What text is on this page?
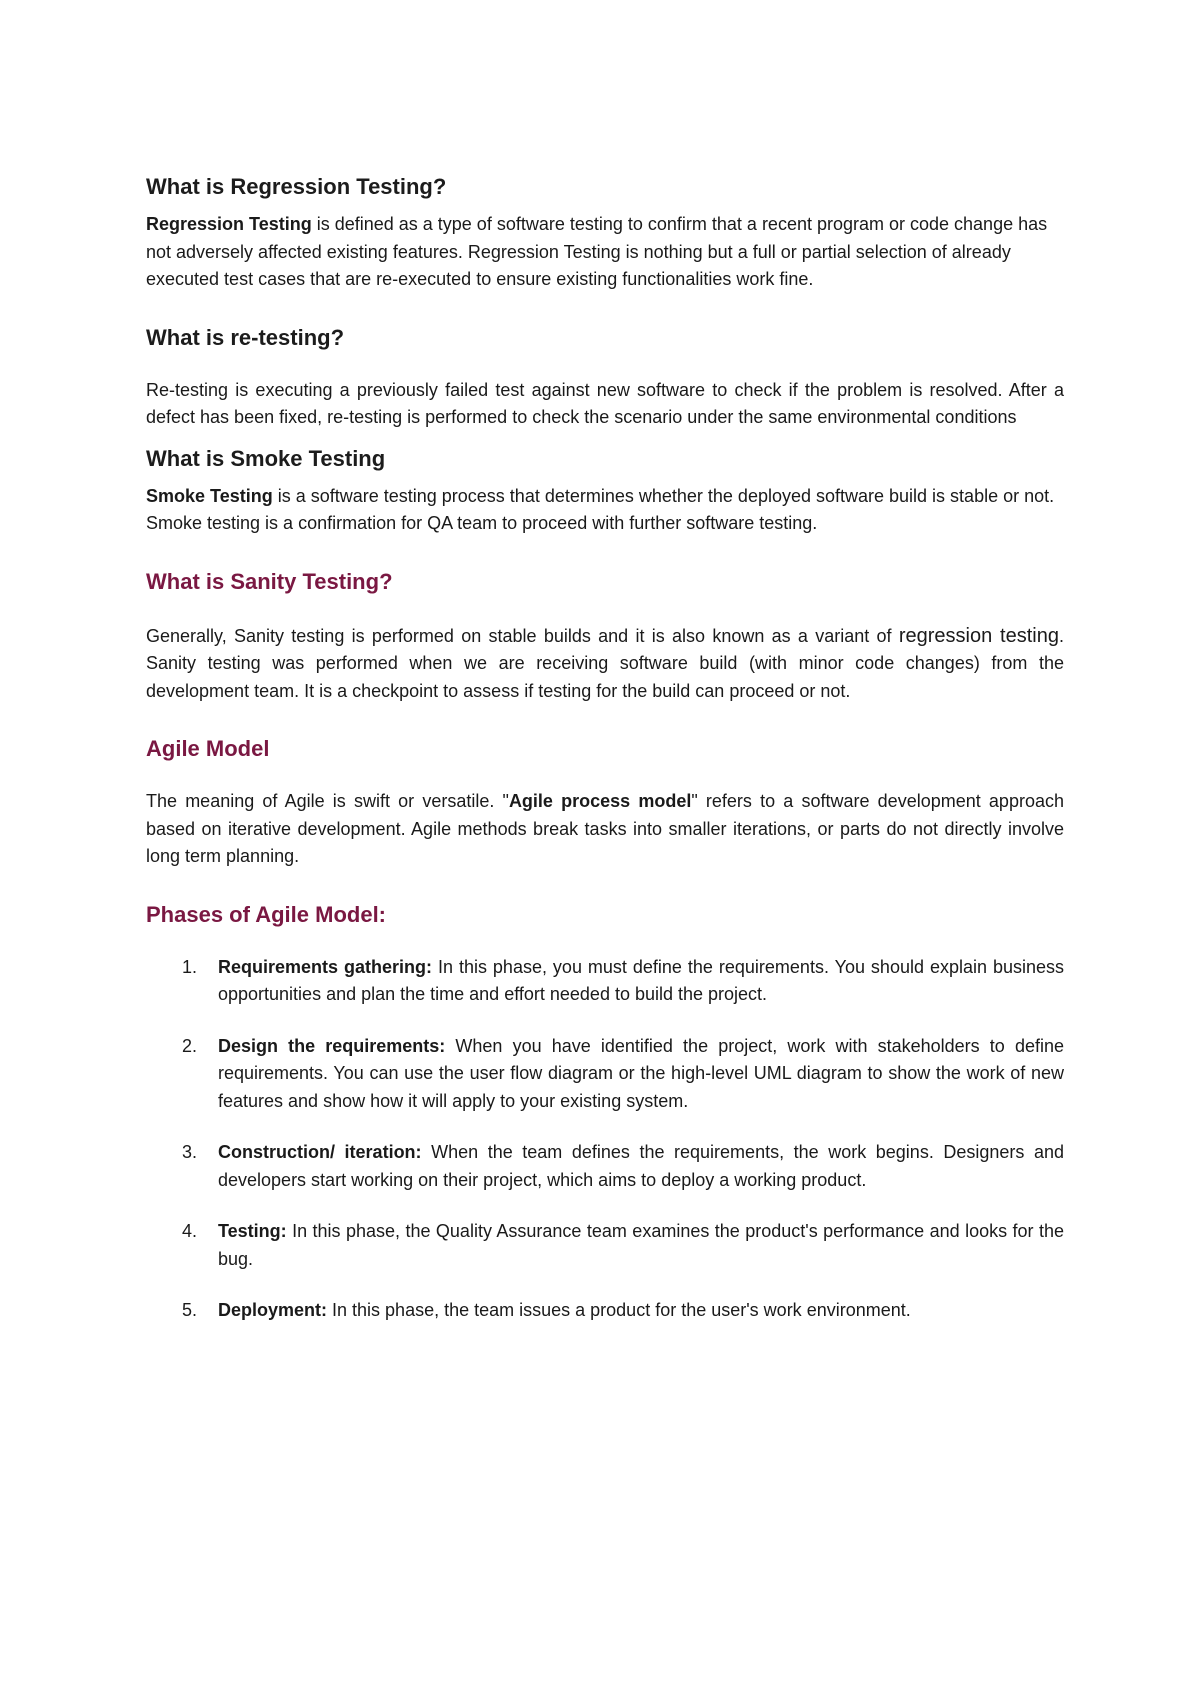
What is Regression Testing?

Regression Testing is defined as a type of software testing to confirm that a recent program or code change has not adversely affected existing features. Regression Testing is nothing but a full or partial selection of already executed test cases that are re-executed to ensure existing functionalities work fine.

What is re-testing?

Re-testing is executing a previously failed test against new software to check if the problem is resolved. After a defect has been fixed, re-testing is performed to check the scenario under the same environmental conditions

What is Smoke Testing

Smoke Testing is a software testing process that determines whether the deployed software build is stable or not. Smoke testing is a confirmation for QA team to proceed with further software testing.

What is Sanity Testing?

Generally, Sanity testing is performed on stable builds and it is also known as a variant of regression testing. Sanity testing was performed when we are receiving software build (with minor code changes) from the development team. It is a checkpoint to assess if testing for the build can proceed or not.

Agile Model

The meaning of Agile is swift or versatile. "Agile process model" refers to a software development approach based on iterative development. Agile methods break tasks into smaller iterations, or parts do not directly involve long term planning.

Phases of Agile Model:
1. Requirements gathering: In this phase, you must define the requirements. You should explain business opportunities and plan the time and effort needed to build the project.
2. Design the requirements: When you have identified the project, work with stakeholders to define requirements. You can use the user flow diagram or the high-level UML diagram to show the work of new features and show how it will apply to your existing system.
3. Construction/ iteration: When the team defines the requirements, the work begins. Designers and developers start working on their project, which aims to deploy a working product.
4. Testing: In this phase, the Quality Assurance team examines the product's performance and looks for the bug.
5. Deployment: In this phase, the team issues a product for the user's work environment.
